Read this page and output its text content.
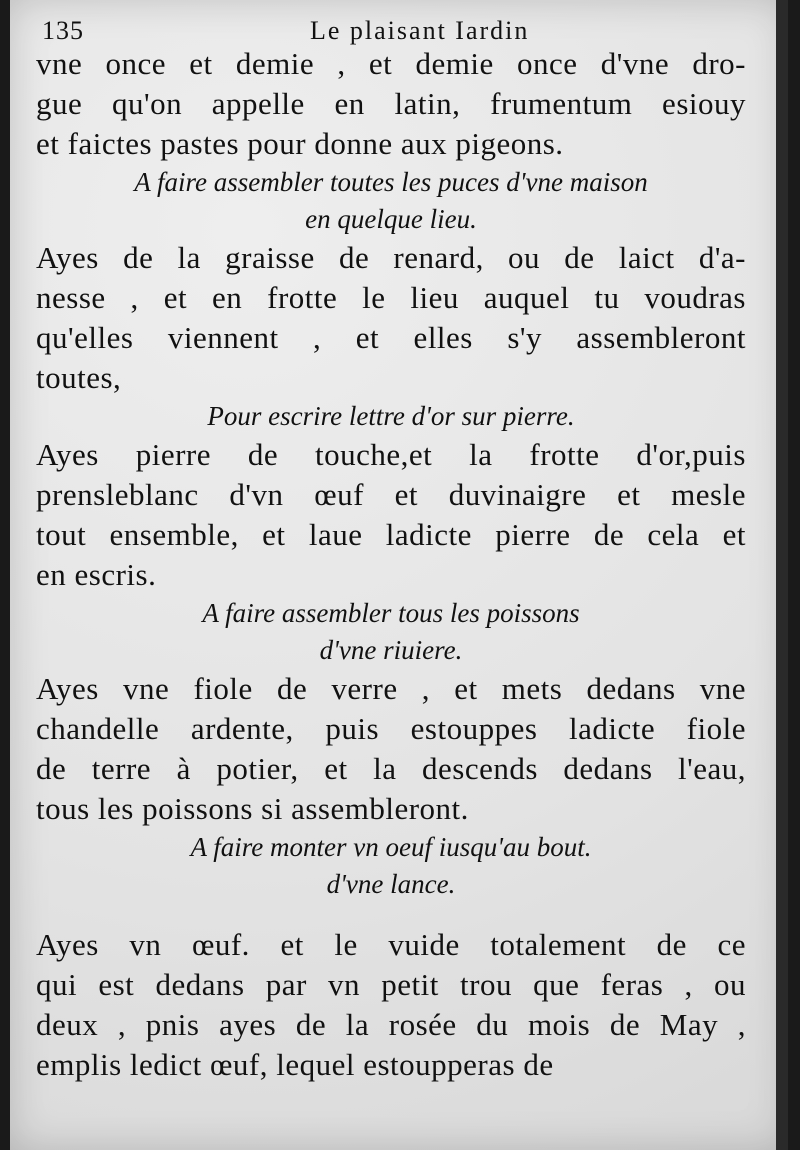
135	Le plaisant Iardin
vne once et demie , et demie once d'vne dro-
gue qu'on appelle en latin, frumentum esiouy
et faictes pastes pour donne aux pigeons.
A faire assembler toutes les puces d'vne maison
en quelque lieu.
Ayes de la graisse de renard, ou de laict d'a-
nesse , et en frotte le lieu auquel tu voudras
qu'elles viennent , et elles s'y assembleront
toutes,
Pour escrire lettre d'or sur pierre.
Ayes pierre de touche,et la frotte d'or,puis
prensleblanc d'vn œuf et duvinaigre et mesle
tout ensemble, et laue ladicte pierre de cela et
en escris.
A faire assembler tous les poissons
d'vne riuiere.
Ayes vne fiole de verre , et mets dedans vne
chandelle ardente, puis estouppes ladicte fiole
de terre à potier, et la descends dedans l'eau,
tous les poissons si assembleront.
A faire monter vn oeuf iusqu'au bout.
d'vne lance.
Ayes vn œuf. et le vuide totalement de ce
qui est dedans par vn petit trou que feras , ou
deux , pnis ayes de la rosée du mois de May ,
emplis ledict œuf, lequel estoupperas de
